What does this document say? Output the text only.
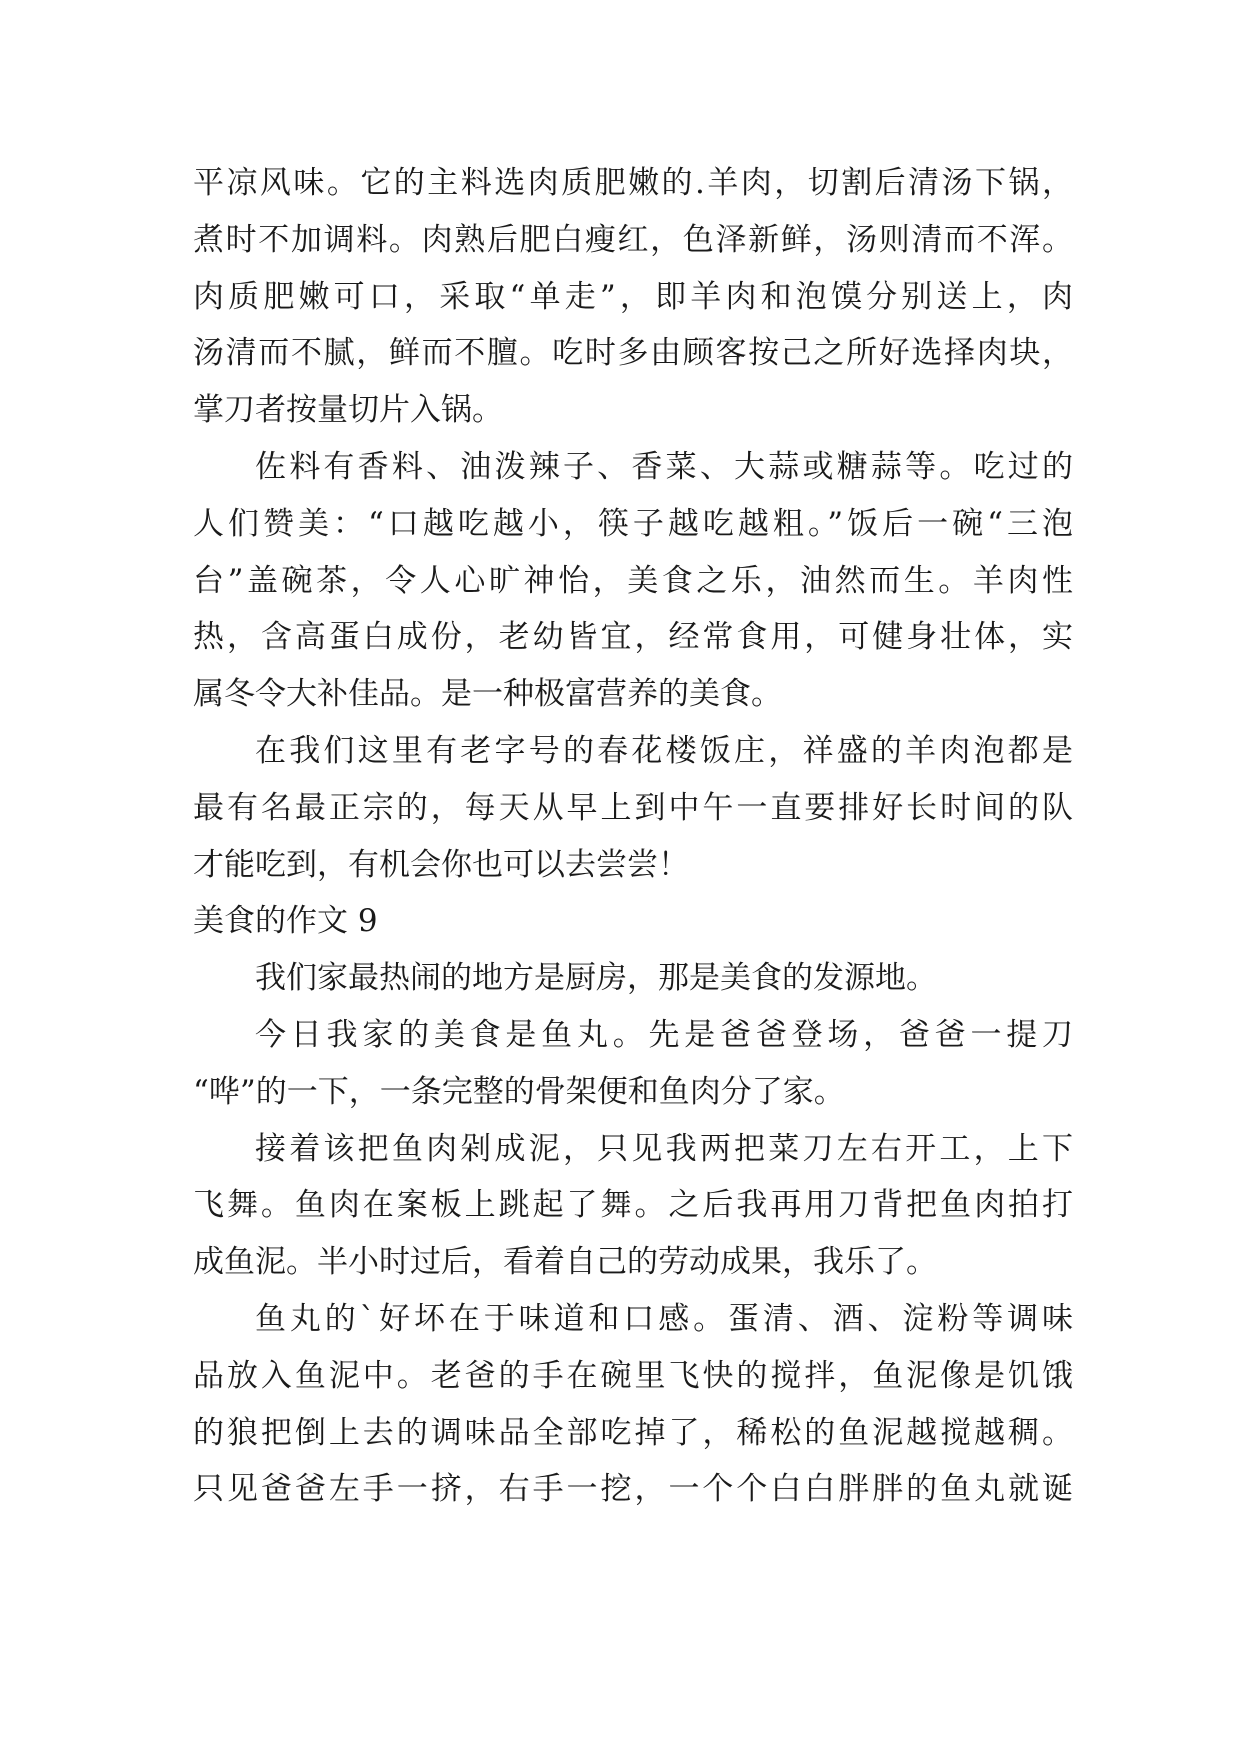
平凉风味。它的主料选肉质肥嫩的.羊肉，切割后清汤下锅，
煮时不加调料。肉熟后肥白瘦红，色泽新鲜，汤则清而不浑。
肉质肥嫩可口，采取“单走”，即羊肉和泡馍分别送上，肉
汤清而不腻，鲜而不膻。吃时多由顾客按己之所好选择肉块，
掌刀者按量切片入锅。
佐料有香料、油泼辣子、香菜、大蒜或糖蒜等。吃过的
人们赞美：“口越吃越小，筷子越吃越粗。”饭后一碗“三泡
台”盖碗茶，令人心旷神怡，美食之乐，油然而生。羊肉性
热，含高蛋白成份，老幼皆宜，经常食用，可健身壮体，实
属冬令大补佳品。是一种极富营养的美食。
在我们这里有老字号的春花楼饭庄，祥盛的羊肉泡都是
最有名最正宗的，每天从早上到中午一直要排好长时间的队
才能吃到，有机会你也可以去尝尝！
美食的作文 9
我们家最热闹的地方是厨房，那是美食的发源地。
今日我家的美食是鱼丸。先是爸爸登场，爸爸一提刀
“哗”的一下，一条完整的骨架便和鱼肉分了家。
接着该把鱼肉剁成泥，只见我两把菜刀左右开工，上下
飞舞。鱼肉在案板上跳起了舞。之后我再用刀背把鱼肉拍打
成鱼泥。半小时过后，看着自己的劳动成果，我乐了。
鱼丸的`好坏在于味道和口感。蛋清、酒、淀粉等调味
品放入鱼泥中。老爸的手在碗里飞快的搅拌，鱼泥像是饥饿
的狼把倒上去的调味品全部吃掉了，稀松的鱼泥越搅越稠。
只见爸爸左手一挤，右手一挖，一个个白白胖胖的鱼丸就诞
